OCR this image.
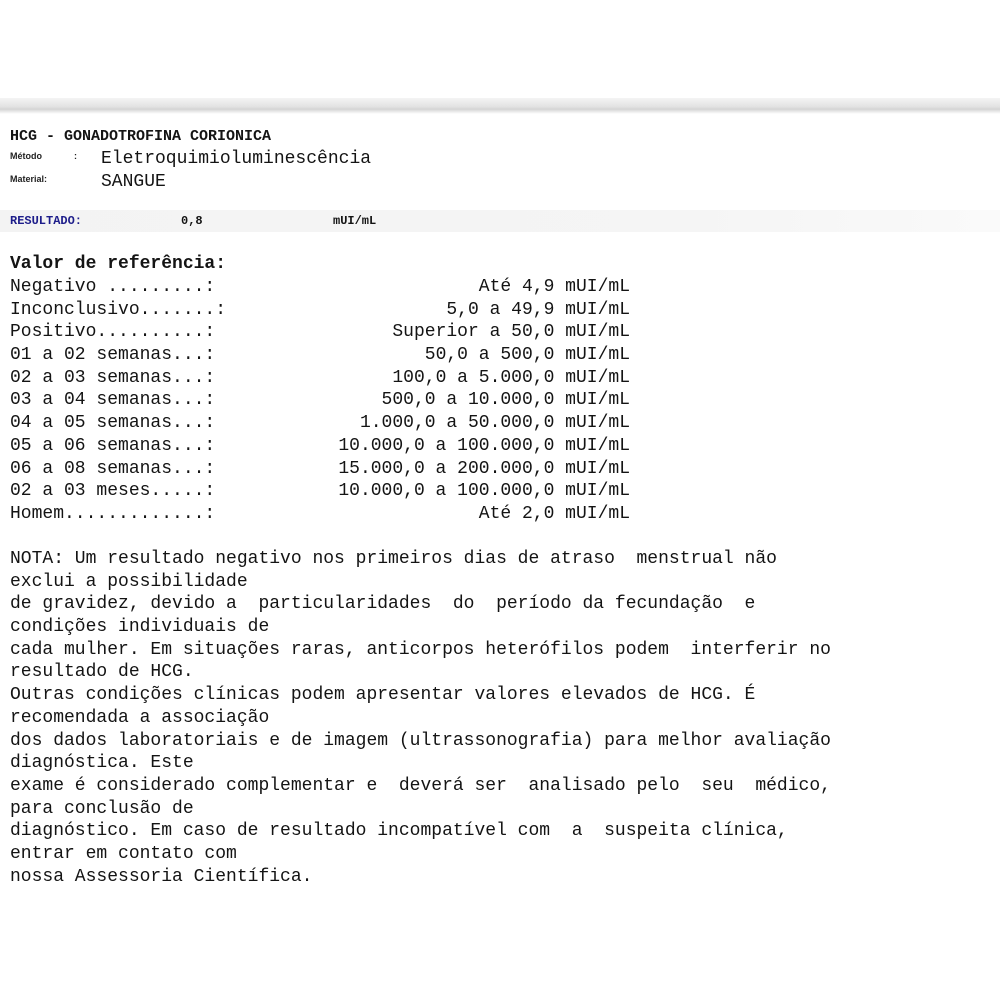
HCG - GONADOTROFINA CORIONICA
Método	: Eletroquimioluminescência
Material:	SANGUE
RESULTADO:	0,8	mUI/mL
Valor de referência:

Negativo .........:

	Até 4,9 mUI/mL

Inconclusivo.......:

	5,0 a 49,9 mUI/mL

Positivo..........:

	Superior a 50,0 mUI/mL

01 a 02 semanas...:

	50,0 a 500,0 mUI/mL

02 a 03 semanas...:

	100,0 a 5.000,0 mUI/mL

03 a 04 semanas...:

	500,0 a 10.000,0 mUI/mL

04 a 05 semanas...:

	1.000,0 a 50.000,0 mUI/mL

05 a 06 semanas...:

	10.000,0 a 100.000,0 mUI/mL

06 a 08 semanas...:

	15.000,0 a 200.000,0 mUI/mL

02 a 03 meses.....:

	10.000,0 a 100.000,0 mUI/mL

Homem.............:

	Até 2,0 mUI/mL

NOTA: Um resultado negativo nos primeiros dias de atraso  menstrual não
exclui a possibilidade
de gravidez, devido a  particularidades  do  período da fecundação  e
condições individuais de
cada mulher. Em situações raras, anticorpos heterófilos podem  interferir no
resultado de HCG.
Outras condições clínicas podem apresentar valores elevados de HCG. É
recomendada a associação
dos dados laboratoriais e de imagem (ultrassonografia) para melhor avaliação
diagnóstica. Este
exame é considerado complementar e  deverá ser  analisado pelo  seu  médico,
para conclusão de
diagnóstico. Em caso de resultado incompatível com  a  suspeita clínica,
entrar em contato com
nossa Assessoria Científica.
